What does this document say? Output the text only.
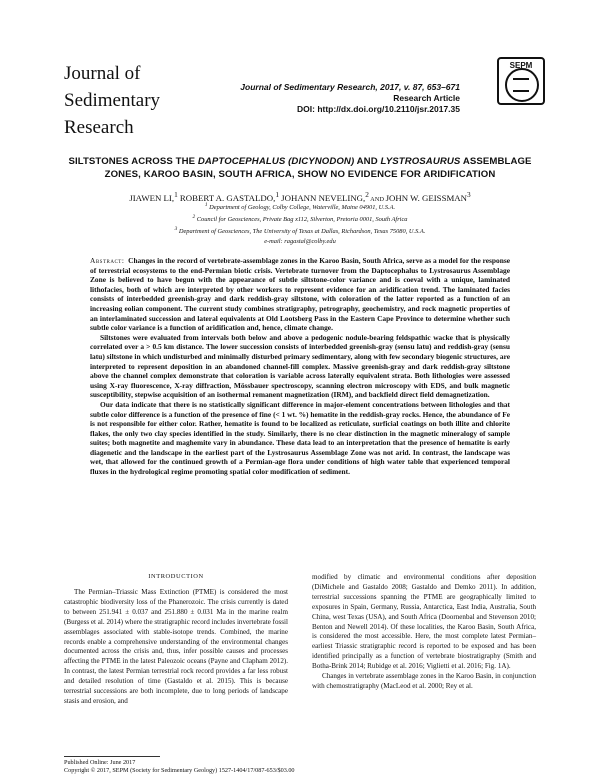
Journal of
Sedimentary
Research
Journal of Sedimentary Research, 2017, v. 87, 653–671
Research Article
DOI: http://dx.doi.org/10.2110/jsr.2017.35
SEPM
SILTSTONES ACROSS THE DAPTOCEPHALUS (DICYNODON) AND LYSTROSAURUS ASSEMBLAGE
ZONES, KAROO BASIN, SOUTH AFRICA, SHOW NO EVIDENCE FOR ARIDIFICATION
JIAWEN LI,$^1$ ROBERT A. GASTALDO,$^1$ JOHANN NEVELING,$^2$ AND JOHN W. GEISSMAN$^3$
$^1$ Department of Geology, Colby College, Waterville, Maine 04901, U.S.A.
$^2$ Council for Geosciences, Private Bag x112, Silverton, Pretoria 0001, South Africa
$^3$ Department of Geosciences, The University of Texas at Dallas, Richardson, Texas 75080, U.S.A.
e-mail: ragastal@colby.edu

Abstract: Changes in the record of vertebrate-assemblage zones in the Karoo Basin, South Africa, serve as a model for the response of terrestrial ecosystems to the end-Permian biotic crisis. Vertebrate turnover from the Daptocephalus to Lystrosaurus Assemblage Zone is believed to have begun with the appearance of subtle siltstone-color variance and is coeval with a unique, laminated lithofacies, both of which are interpreted by other workers to represent evidence for an aridification trend. The laminated facies consists of interbedded greenish-gray and dark reddish-gray siltstone, with coloration of the latter reported as a function of an increasing eolian component. The current study combines stratigraphy, petrography, geochemistry, and rock magnetic properties of an interlaminated succession and lateral equivalents at Old Lootsberg Pass in the Eastern Cape Province to determine whether such subtle color variance is a function of aridification and, hence, climate change.

Siltstones were evaluated from intervals both below and above a pedogenic nodule-bearing feldspathic wacke that is physically correlated over a > 0.5 km distance. The lower succession consists of interbedded greenish-gray (sensu latu) and reddish-gray (sensu latu) siltstone in which undisturbed and minimally disturbed primary sedimentary, along with few secondary biogenic structures, are interpreted to represent deposition in an abandoned channel-fill complex. Massive greenish-gray and dark reddish-gray siltstone above the channel complex demonstrate that coloration is variable across laterally equivalent strata. Both lithologies were assessed using X-ray fluorescence, X-ray diffraction, Mössbauer spectroscopy, scanning electron microscopy with EDS, and bulk magnetic susceptibility, stepwise acquisition of an isothermal remanent magnetization (IRM), and backfield direct field demagnetization.

Our data indicate that there is no statistically significant difference in major-element concentrations between lithologies and that subtle color difference is a function of the presence of fine (< 1 wt. %) hematite in the reddish-gray rocks. Hence, the abundance of Fe is not responsible for either color. Rather, hematite is found to be localized as reticulate, surficial coatings on both illite and chlorite flakes, the only two clay species identified in the study. Similarly, there is no clear distinction in the magnetic mineralogy of sample suites; both magnetite and maghemite vary in abundance. These data lead to an interpretation that the presence of hematite is early diagenetic and the landscape in the earliest part of the Lystrosaurus Assemblage Zone was not arid. In contrast, the landscape was wet, that allowed for the continued growth of a Permian-age flora under conditions of high water table that experienced temporal fluxes in the hydrological regime promoting spatial color modification of sediment.

INTRODUCTION

The Permian–Triassic Mass Extinction (PTME) is considered the most catastrophic biodiversity loss of the Phanerozoic. The crisis currently is dated to between 251.941 ± 0.037 and 251.880 ± 0.031 Ma in the marine realm (Burgess et al. 2014) where the stratigraphic record includes invertebrate fossil assemblages associated with stable-isotope trends. Combined, the marine records enable a comprehensive understanding of the environmental changes documented across the crisis and, thus, infer possible causes and processes affecting the PTME in the latest Paleozoic oceans (Payne and Clapham 2012). In contrast, the latest Permian terrestrial rock record provides a far less robust and detailed resolution of time (Gastaldo et al. 2015). This is because terrestrial successions are both incomplete, due to long periods of landscape stasis and erosion, and

modified by climatic and environmental conditions after deposition (DiMichele and Gastaldo 2008; Gastaldo and Demko 2011). In addition, terrestrial successions spanning the PTME are geographically limited to exposures in Spain, Germany, Russia, Antarctica, East India, Australia, South China, west Texas (USA), and South Africa (Doornenbal and Stevenson 2010; Benton and Newell 2014). Of these localities, the Karoo Basin, South Africa, is considered the most accessible. Here, the most complete latest Permian–earliest Triassic stratigraphic record is reported to be exposed and has been identified principally as a function of vertebrate biostratigraphy (Smith and Botha-Brink 2014; Rubidge et al. 2016; Viglietti et al. 2016; Fig. 1A).

Changes in vertebrate assemblage zones in the Karoo Basin, in conjunction with chemostratigraphy (MacLeod et al. 2000; Rey et al.

Published Online: June 2017
Copyright © 2017, SEPM (Society for Sedimentary Geology) 1527-1404/17/087-653/$03.00
